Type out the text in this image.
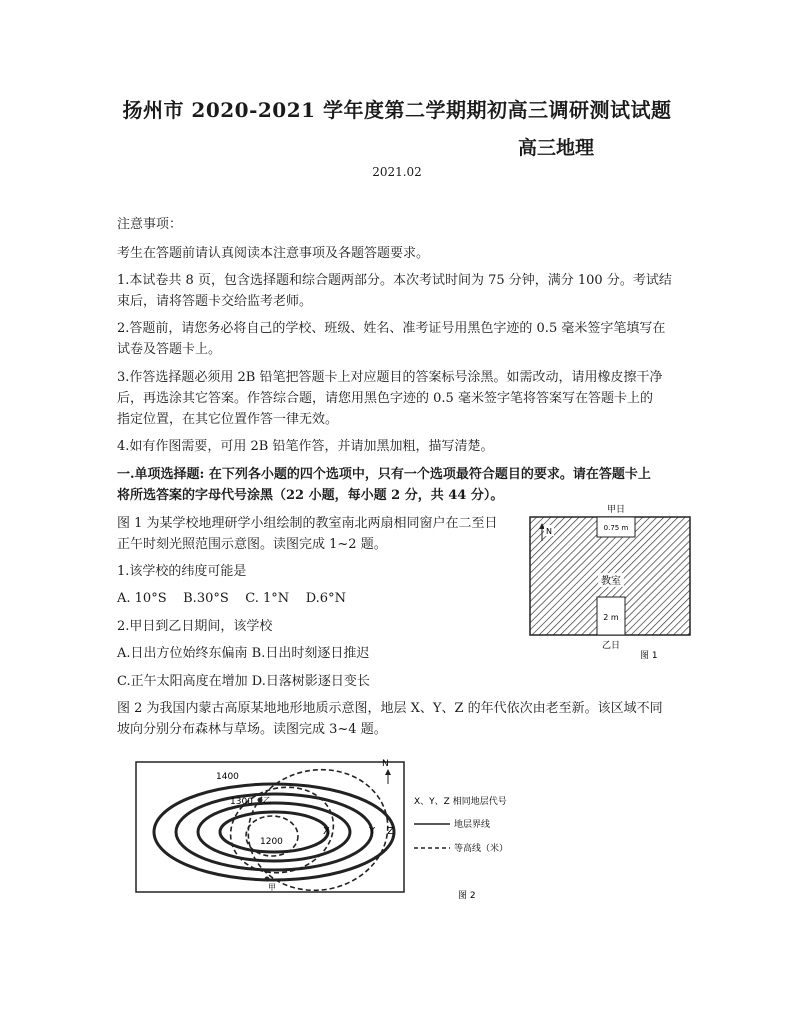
扬州市 2020-2021 学年度第二学期期初高三调研测试试题
高三地理
2021.02
注意事项：
考生在答题前请认真阅读本注意事项及各题答题要求。
1.本试卷共 8 页，包含选择题和综合题两部分。本次考试时间为 75 分钟，满分 100 分。考试结
束后，请将答题卡交给监考老师。
2.答题前，请您务必将自己的学校、班级、姓名、准考证号用黑色字迹的 0.5 毫米签字笔填写在
试卷及答题卡上。
3.作答选择题必须用 2B 铅笔把答题卡上对应题目的答案标号涂黑。如需改动，请用橡皮擦干净
后，再选涂其它答案。作答综合题，请您用黑色字迹的 0.5 毫米签字笔将答案写在答题卡上的
指定位置，在其它位置作答一律无效。
4.如有作图需要，可用 2B 铅笔作答，并请加黑加粗，描写清楚。
一.单项选择题: 在下列各小题的四个选项中，只有一个选项最符合题目的要求。请在答题卡上
将所选答案的字母代号涂黑（22 小题，每小题 2 分，共 44 分）。
图 1 为某学校地理研学小组绘制的教室南北两扇相同窗户在二至日
正午时刻光照范围示意图。读图完成 1~2 题。
1.该学校的纬度可能是
A. 10°S    B.30°S    C. 1°N    D.6°N
2.甲日到乙日期间，该学校
A.日出方位始终东偏南 B.日出时刻逐日推迟
C.正午太阳高度在增加 D.日落树影逐日变长
图 2 为我国内蒙古高原某地地形地质示意图，地层 X、Y、Z 的年代依次由老至新。该区域不同
坡向分别分布森林与草场。读图完成 3~4 题。
甲日
0.75 m
N
教室
2 m
乙日
图 1
1400
1300 乙
1200
甲
X	Y Z
N
X、Y、Z 相同地层代号
地层界线
等高线（米）
图 2
